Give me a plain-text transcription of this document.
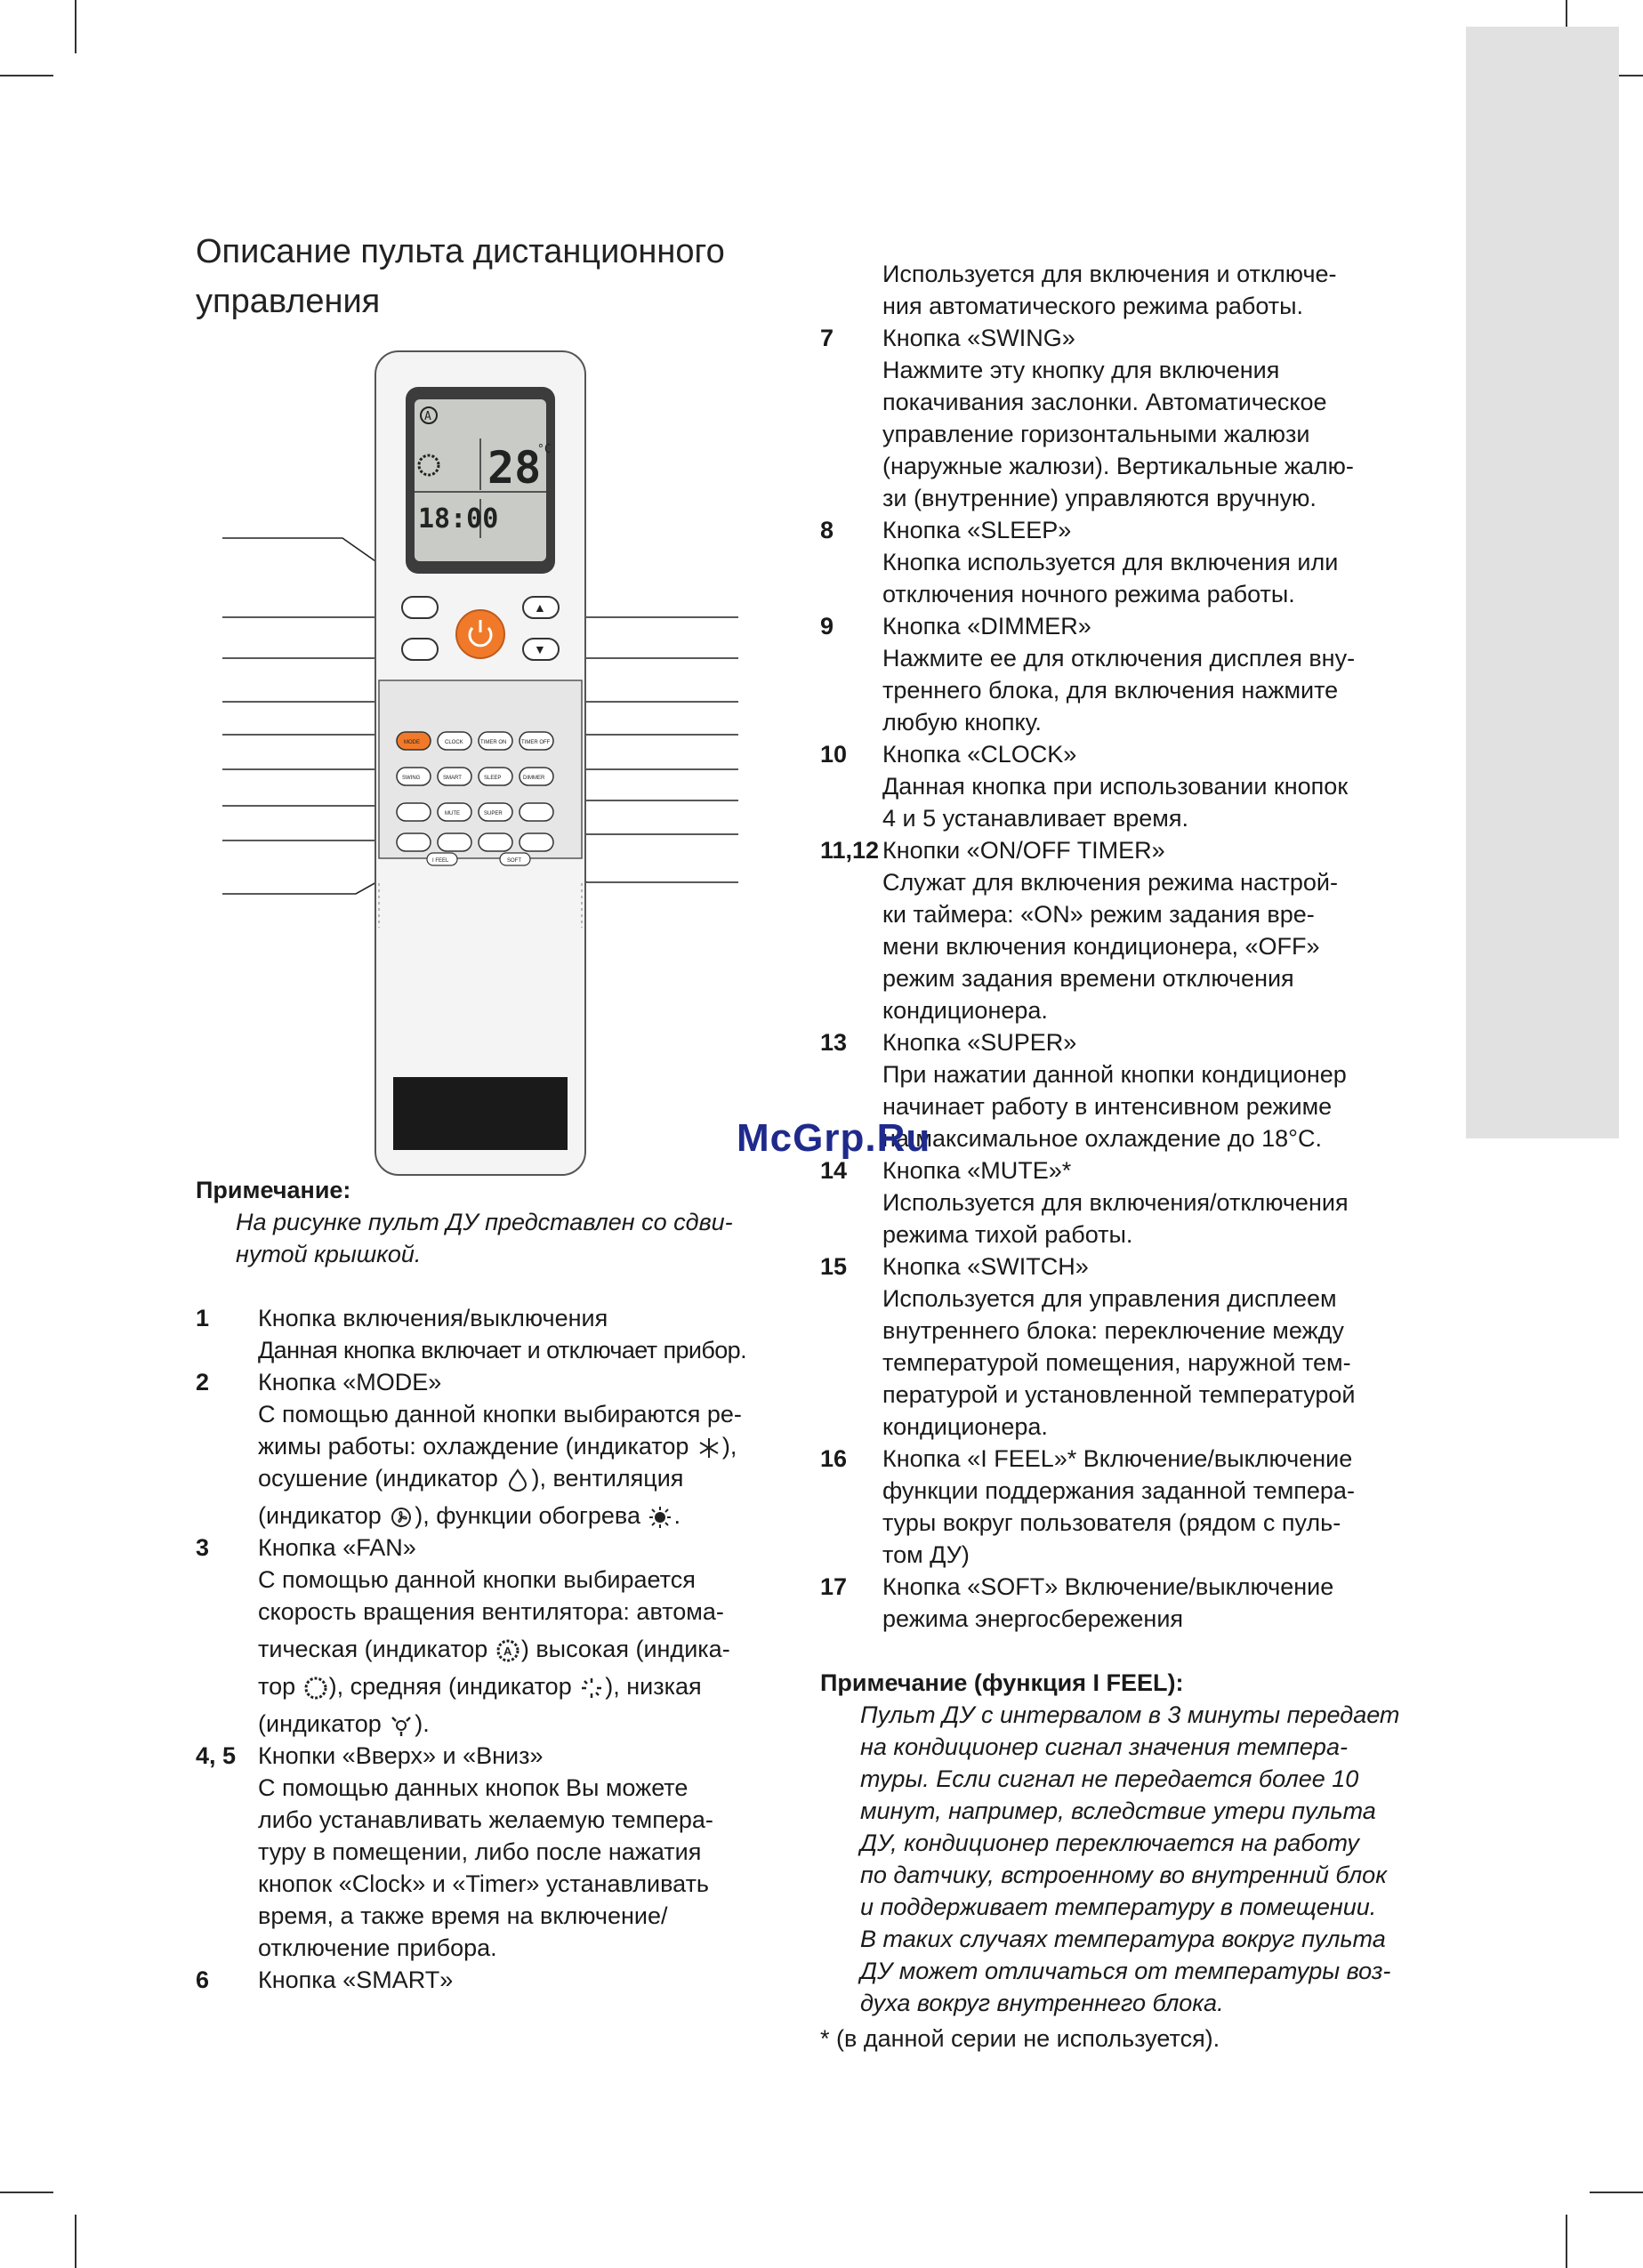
Описание пульта дистанционного
управления
A
28
°C
18:00
▲
▼
MODE	CLOCK	TIMER ON	TIMER OFF
SWING	SMART	SLEEP	DIMMER
MUTE	SUPER
I FEEL	SOFT
Примечание:
На рисунке пульт ДУ представлен со сдви-
нутой крышкой.
1	Кнопка включения/выключения
Данная кнопка включает и отключает прибор.
2	Кнопка «MODE»
С помощью данной кнопки выбираются ре-
жимы работы: охлаждение (индикатор ),
осушение (индикатор ), вентиляция
(индикатор ), функции обогрева .
3	Кнопка «FAN»
С помощью данной кнопки выбирается
скорость вращения вентилятора: автома-
тическая (индикатор A ) высокая (индика-
тор ), средняя (индикатор ), низкая
(индикатор ).
4, 5 Кнопки «Вверх» и «Вниз»
С помощью данных кнопок Вы можете
либо устанавливать желаемую темпера-
туру в помещении, либо после нажатия
кнопок «Clock» и «Timer» устанавливать
время, а также время на включение/
отключение прибора.
6	Кнопка «SMART»
Используется для включения и отключе-
ния автоматического режима работы.
7	Кнопка «SWING»
Нажмите эту кнопку для включения
покачивания заслонки. Автоматическое
управление горизонтальными жалюзи
(наружные жалюзи). Вертикальные жалю-
зи (внутренние) управляются вручную.
8	Кнопка «SLEEP»
Кнопка используется для включения или
отключения ночного режима работы.
9	Кнопка «DIMMER»
Нажмите ее для отключения дисплея вну-
треннего блока, для включения нажмите
любую кнопку.
10	Кнопка «CLOCK»
Данная кнопка при использовании кнопок
4 и 5 устанавливает время.
11,12 Кнопки «ON/OFF TIMER»
Служат для включения режима настрой-
ки таймера: «ON» режим задания вре-
мени включения кондиционера, «OFF»
режим задания времени отключения
кондиционера.
13	Кнопка «SUPER»
При нажатии данной кнопки кондиционер
начинает работу в интенсивном режиме
на максимальное охлаждение до 18°C.
14	Кнопка «MUTE»*
Используется для включения/отключения
режима тихой работы.
15	Кнопка «SWITCH»
Используется для управления дисплеем
внутреннего блока: переключение между
температурой помещения, наружной тем-
пературой и установленной температурой
кондиционера.
16	Кнопка «I FEEL»* Включение/выключение
функции поддержания заданной темпера-
туры вокруг пользователя (рядом с пуль-
том ДУ)
17	Кнопка «SOFT» Включение/выключение
режима энергосбережения
Примечание (функция I FEEL):
Пульт ДУ с интервалом в 3 минуты передает
на кондиционер сигнал значения темпера-
туры. Если сигнал не передается более 10
минут, например, вследствие утери пульта
ДУ, кондиционер переключается на работу
по датчику, встроенному во внутренний блок
и поддерживает температуру в помещении.
В таких случаях температура вокруг пульта
ДУ может отличаться от температуры воз-
духа вокруг внутреннего блока.
* (в данной серии не используется).
McGrp.Ru
